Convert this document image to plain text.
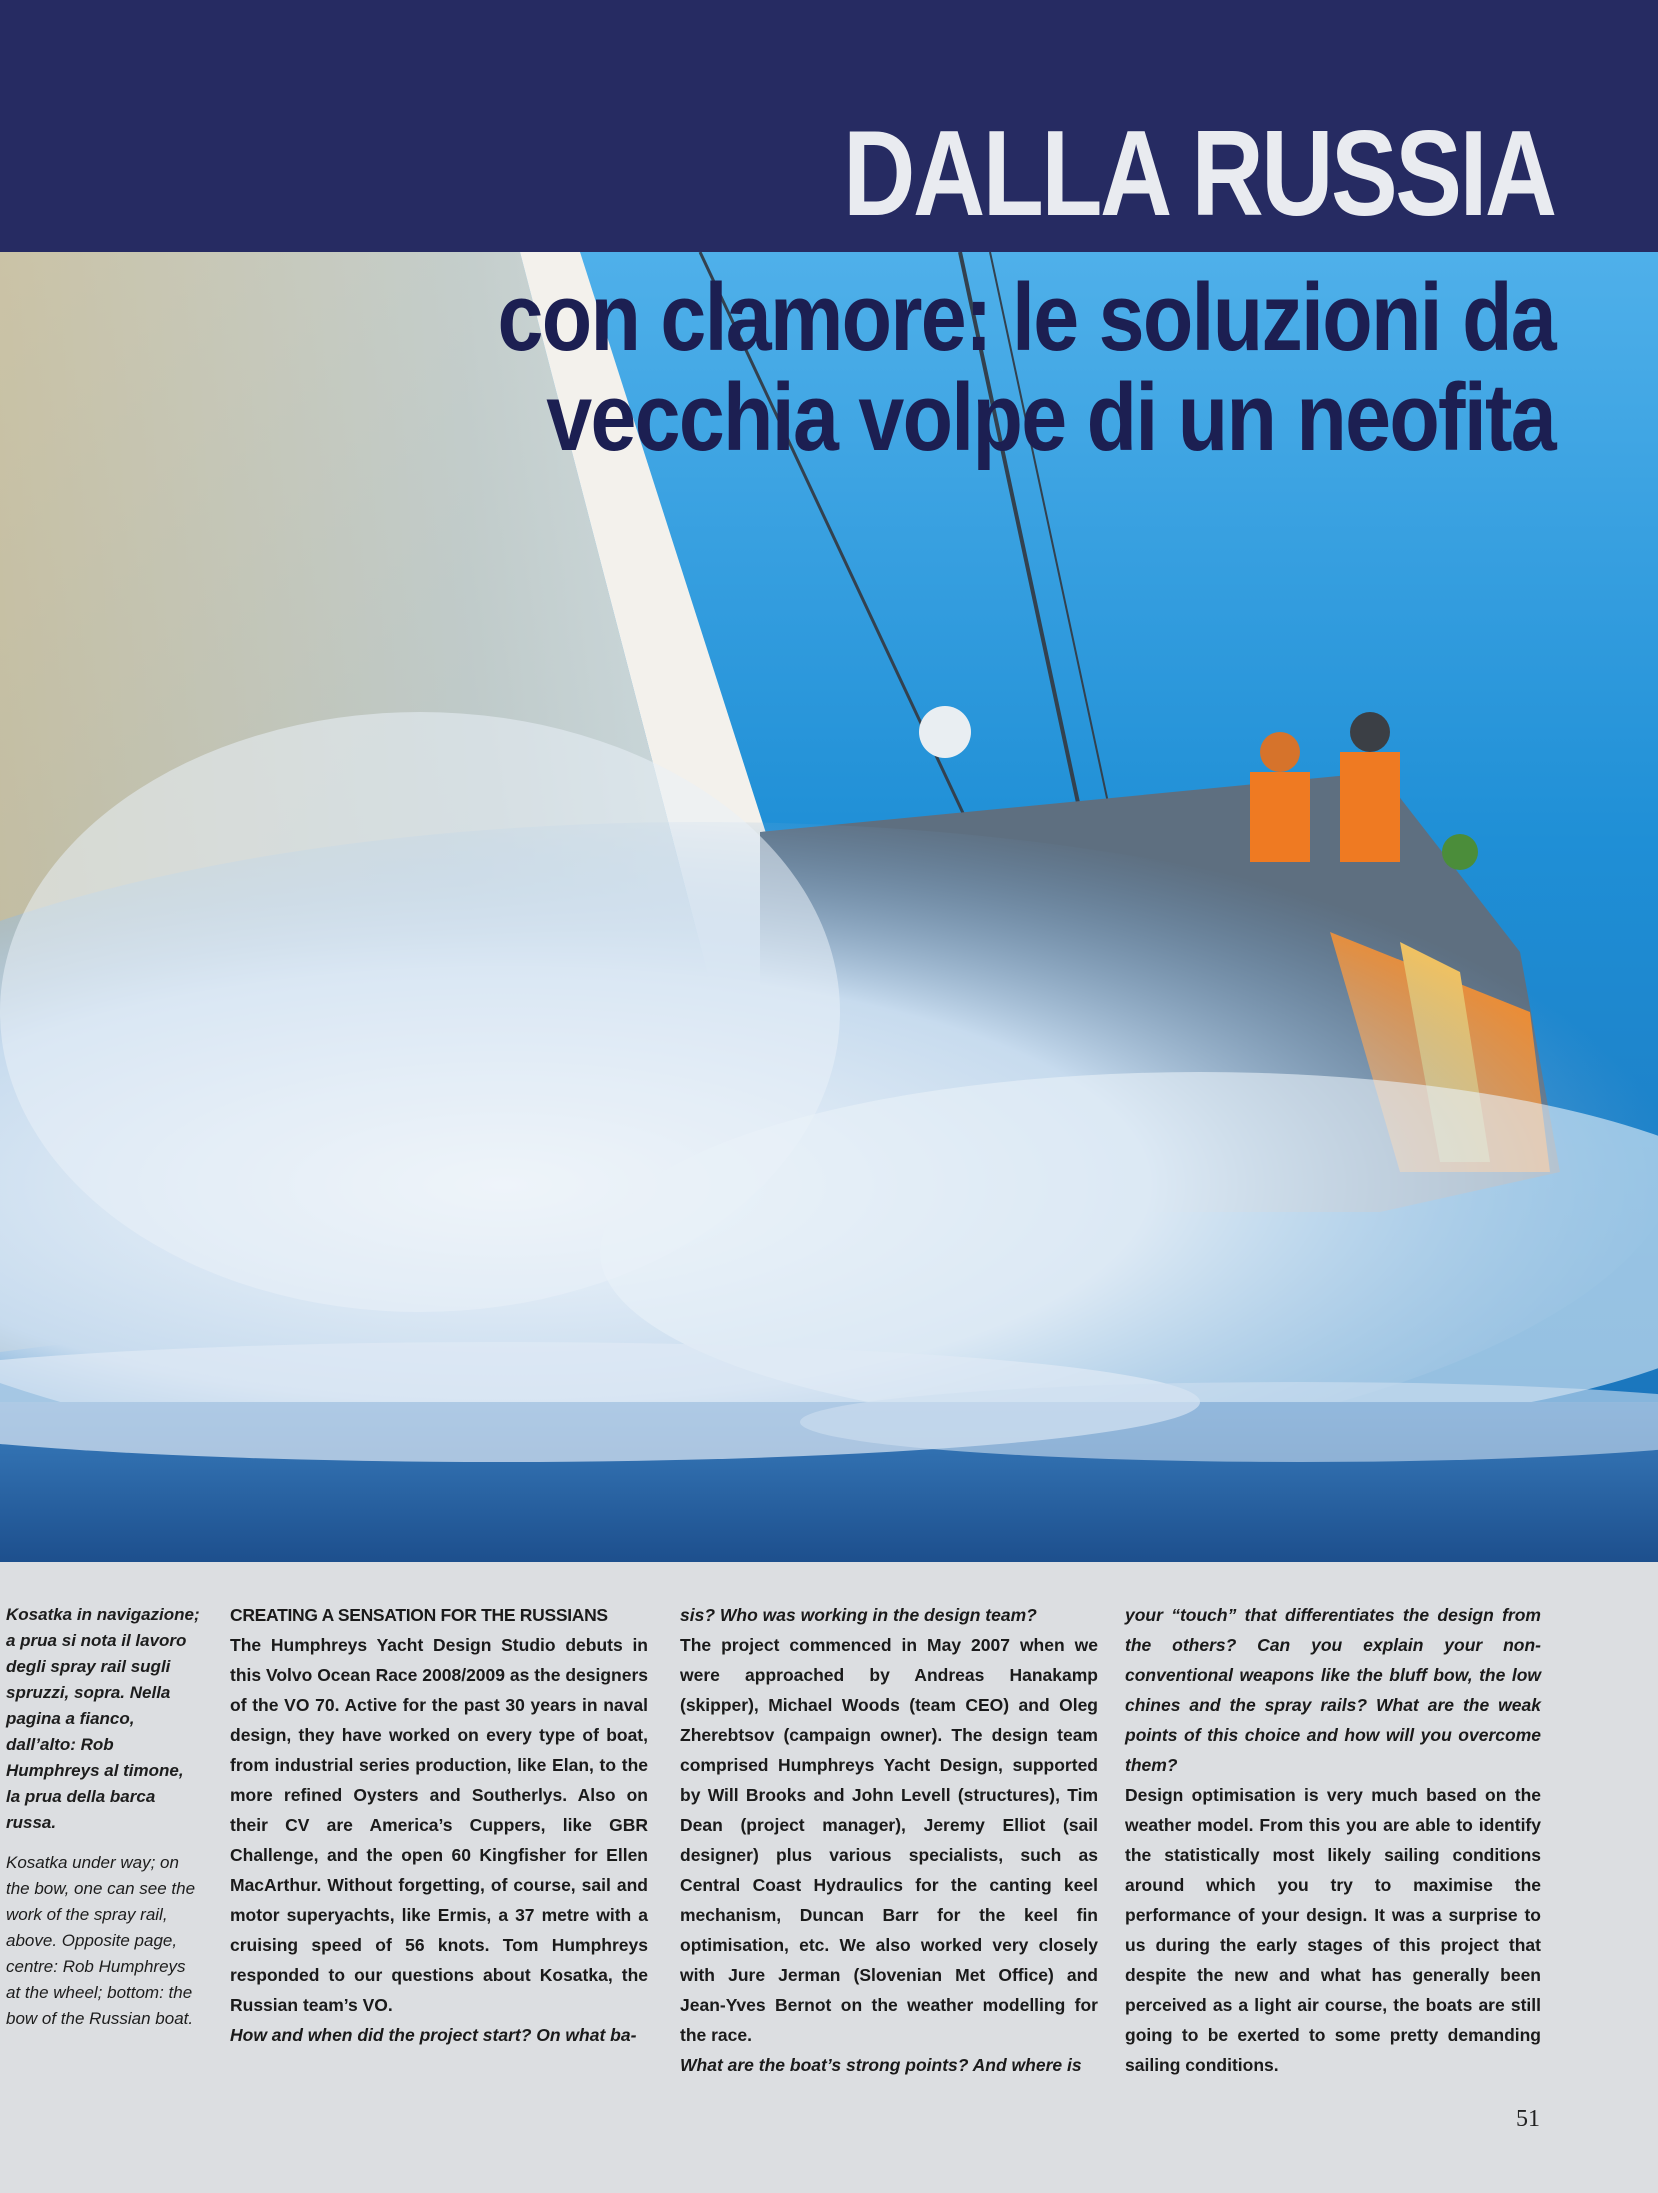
DALLA RUSSIA
con clamore: le soluzioni da
vecchia volpe di un neofita

Kosatka in navigazione; a prua si nota il lavoro degli spray rail sugli spruzzi, sopra. Nella pagina a fianco, dall’alto: Rob Humphreys al timone, la prua della barca russa.

Kosatka under way; on the bow, one can see the work of the spray rail, above. Opposite page, centre: Rob Humphreys at the wheel; bottom: the bow of the Russian boat.

CREATING A SENSATION FOR THE RUSSIANS

The Humphreys Yacht Design Studio debuts in this Volvo Ocean Race 2008/2009 as the designers of the VO 70. Active for the past 30 years in naval design, they have worked on every type of boat, from industrial series production, like Elan, to the more refined Oysters and Southerlys. Also on their CV are America’s Cuppers, like GBR Challenge, and the open 60 Kingfisher for Ellen MacArthur. Without forgetting, of course, sail and motor superyachts, like Ermis, a 37 metre with a cruising speed of 56 knots. Tom Humphreys responded to our questions about Kosatka, the Russian team’s VO.

How and when did the project start? On what ba-

sis? Who was working in the design team?

The project commenced in May 2007 when we were approached by Andreas Hanakamp (skipper), Michael Woods (team CEO) and Oleg Zherebtsov (campaign owner). The design team comprised Humphreys Yacht Design, supported by Will Brooks and John Levell (structures), Tim Dean (project manager), Jeremy Elliot (sail designer) plus various specialists, such as Central Coast Hydraulics for the canting keel mechanism, Duncan Barr for the keel fin optimisation, etc. We also worked very closely with Jure Jerman (Slovenian Met Office) and Jean-Yves Bernot on the weather modelling for the race.

What are the boat’s strong points? And where is

your “touch” that differentiates the design from the others? Can you explain your non-conventional weapons like the bluff bow, the low chines and the spray rails? What are the weak points of this choice and how will you overcome them?

Design optimisation is very much based on the weather model. From this you are able to identify the statistically most likely sailing conditions around which you try to maximise the performance of your design. It was a surprise to us during the early stages of this project that despite the new and what has generally been perceived as a light air course, the boats are still going to be exerted to some pretty demanding sailing conditions.

51
